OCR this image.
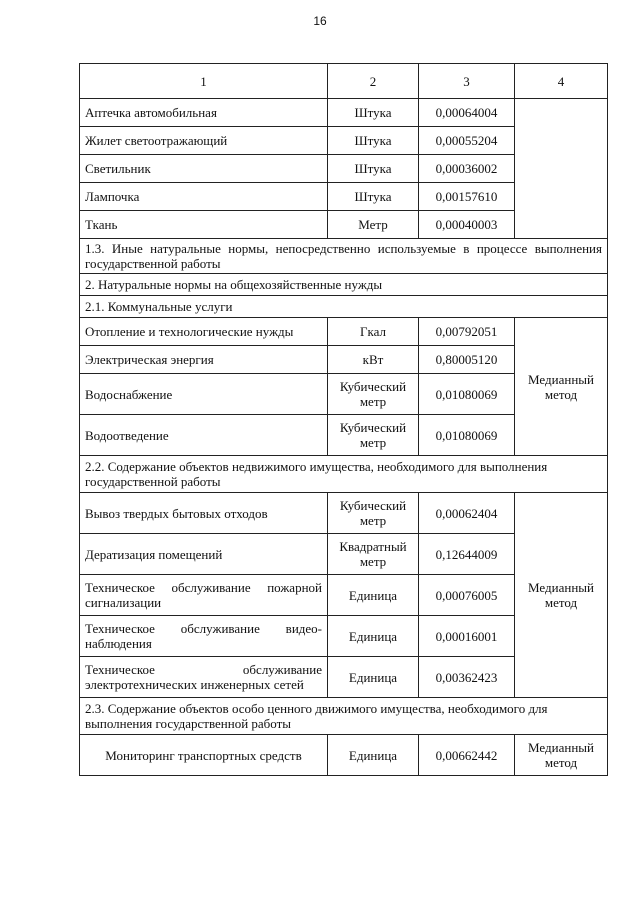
16
1	2	3	4
Аптечка автомобильная	Штука	0,00064004	
Жилет светоотражающий	Штука	0,00055204	
Светильник	Штука	0,00036002	
Лампочка	Штука	0,00157610	
Ткань	Метр	0,00040003	
1.3. Иные натуральные нормы, непосредственно используемые в процессе выполнения государственной работы			
2. Натуральные нормы на общехозяйственные нужды			
2.1. Коммунальные услуги			
Отопление и технологические нужды	Гкал	0,00792051	Медианный метод
Электрическая энергия	кВт	0,80005120	
Водоснабжение	Кубический метр	0,01080069	
Водоотведение	Кубический метр	0,01080069	
2.2. Содержание объектов недвижимого имущества, необходимого для выполнения государственной работы			
Вывоз твердых бытовых отходов	Кубический метр	0,00062404	Медианный метод
Дератизация помещений	Квадратный метр	0,12644009	
Техническое обслуживание пожарной сигнализации	Единица	0,00076005	
Техническое обслуживание видео-наблюдения	Единица	0,00016001	
Техническое обслуживание электротехнических инженерных сетей	Единица	0,00362423	
2.3. Содержание объектов особо ценного движимого имущества, необходимого для выполнения государственной работы			
Мониторинг транспортных средств	Единица	0,00662442	Медианный метод
